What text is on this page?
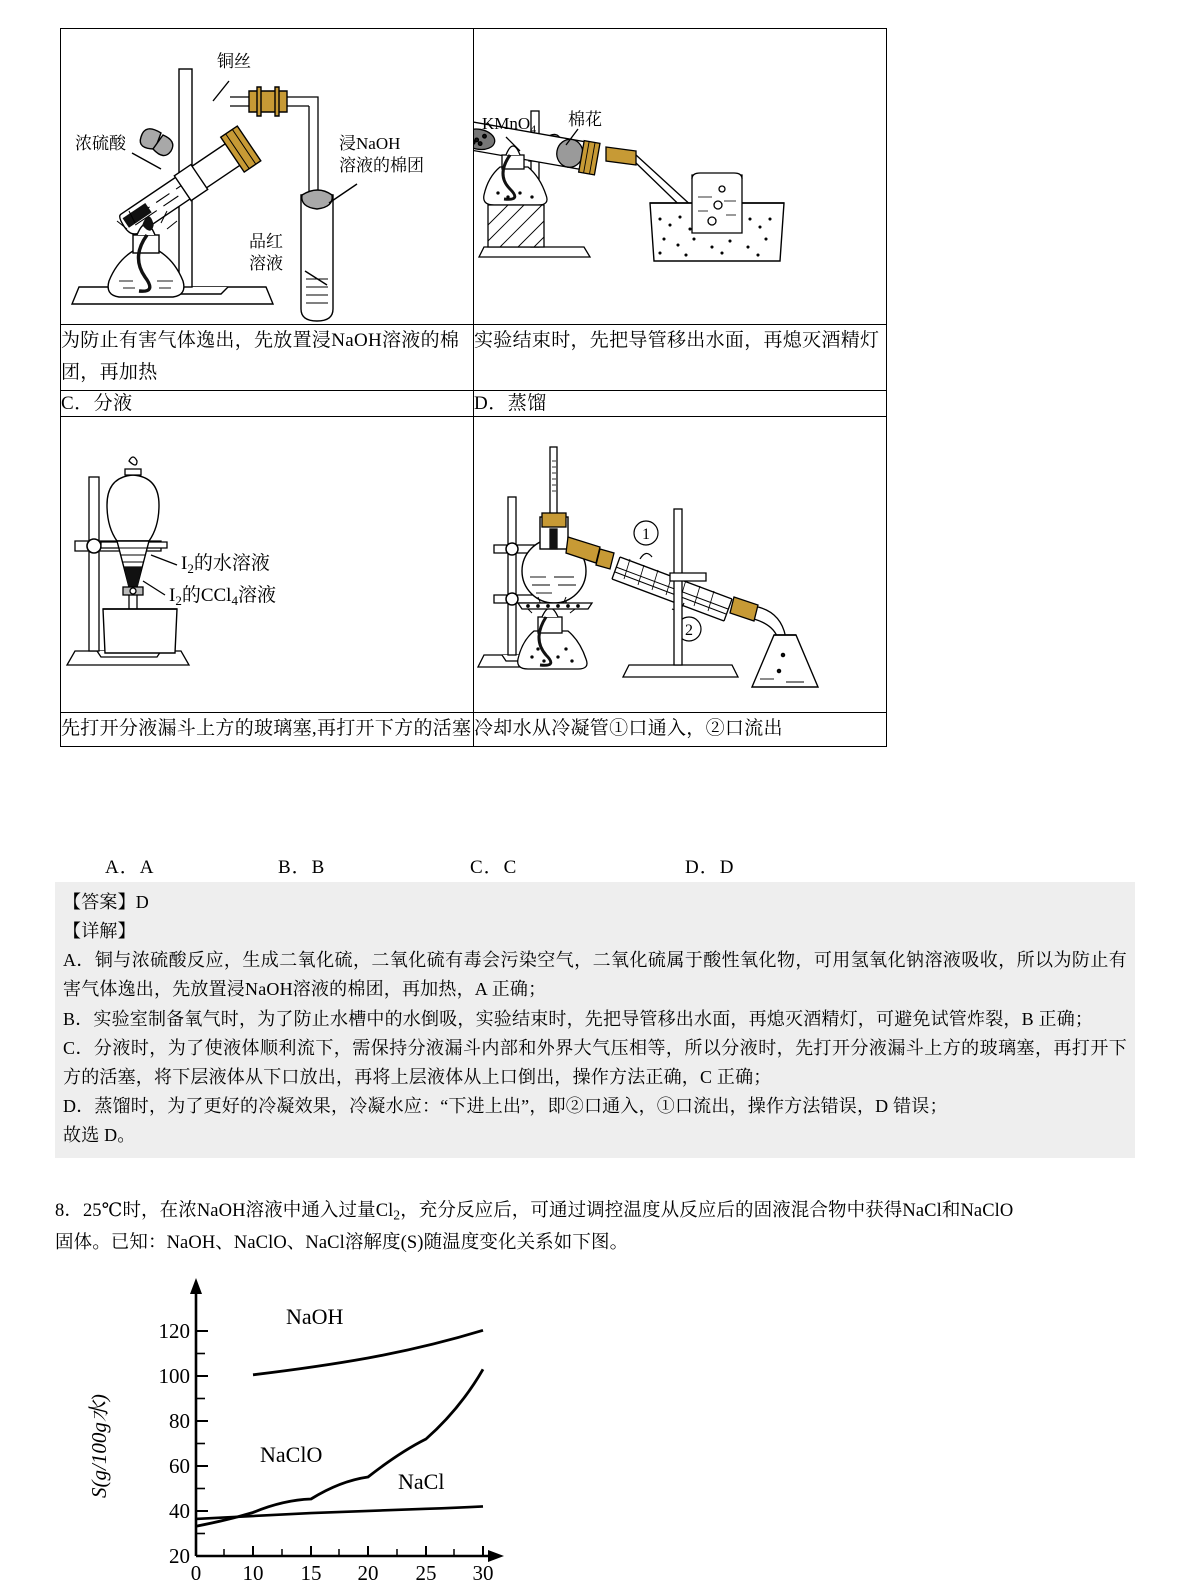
铜丝
浓硫酸	浸NaOH
溶液的棉团
品红
溶液

KMnO$_4$ 棉花

为防止有害气体逸出，先放置浸NaOH溶液的棉团，再加热	实验结束时，先把导管移出水面，再熄灭酒精灯
C．分液	D．蒸馏

$I_2$的水溶液
$I_2$的CCl$_4$溶液	1
2

先打开分液漏斗上方的玻璃塞,再打开下方的活塞	冷却水从冷凝管①口通入，②口流出
A．A	B．B	C．C	D．D

【答案】D

【详解】

A．铜与浓硫酸反应，生成二氧化硫，二氧化硫有毒会污染空气，二氧化硫属于酸性氧化物，可用氢氧化钠溶液吸收，所以为防止有害气体逸出，先放置浸NaOH溶液的棉团，再加热，A 正确；

B．实验室制备氧气时，为了防止水槽中的水倒吸，实验结束时，先把导管移出水面，再熄灭酒精灯，可避免试管炸裂，B 正确；

C．分液时，为了使液体顺利流下，需保持分液漏斗内部和外界大气压相等，所以分液时，先打开分液漏斗上方的玻璃塞，再打开下方的活塞，将下层液体从下口放出，再将上层液体从上口倒出，操作方法正确，C 正确；

D．蒸馏时，为了更好的冷凝效果，冷凝水应：“下进上出”，即②口通入，①口流出，操作方法错误，D 错误；

故选 D。

8．25℃时，在浓NaOH溶液中通入过量$Cl_2$，充分反应后，可通过调控温度从反应后的固液混合物中获得NaCl和NaClO

固体。已知：NaOH、NaClO、NaCl溶解度(S)随温度变化关系如下图。

20
40
60
80
100
120
0 10 15 20 25 30
S(g/100g水)
NaOH
NaClO
NaCl
